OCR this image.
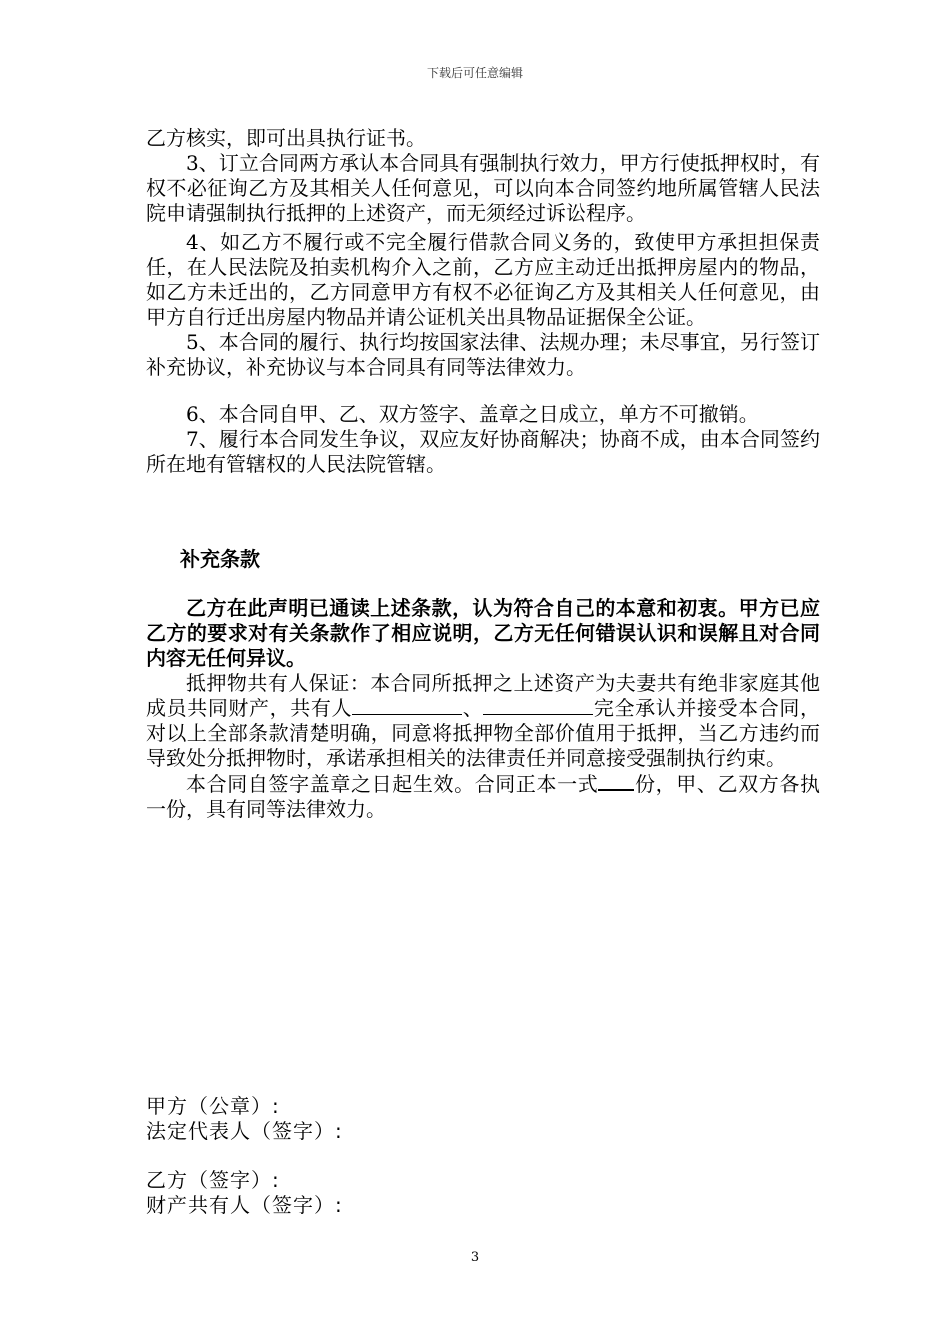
下载后可任意编辑

乙方核实，即可出具执行证书。

3、订立合同两方承认本合同具有强制执行效力，甲方行使抵押权时，有权不必征询乙方及其相关人任何意见，可以向本合同签约地所属管辖人民法院申请强制执行抵押的上述资产，而无须经过诉讼程序。

4、如乙方不履行或不完全履行借款合同义务的，致使甲方承担担保责任，在人民法院及拍卖机构介入之前，乙方应主动迁出抵押房屋内的物品，如乙方未迁出的，乙方同意甲方有权不必征询乙方及其相关人任何意见，由甲方自行迁出房屋内物品并请公证机关出具物品证据保全公证。

5、本合同的履行、执行均按国家法律、法规办理；未尽事宜，另行签订补充协议，补充协议与本合同具有同等法律效力。

6、本合同自甲、乙、双方签字、盖章之日成立，单方不可撤销。

7、履行本合同发生争议，双应友好协商解决；协商不成，由本合同签约所在地有管辖权的人民法院管辖。

补充条款

乙方在此声明已通读上述条款，认为符合自己的本意和初衷。甲方已应乙方的要求对有关条款作了相应说明，乙方无任何错误认识和误解且对合同内容无任何异议。

抵押物共有人保证：本合同所抵押之上述资产为夫妻共有绝非家庭其他成员共同财产，共有人	、	完全承认并接受本合同，对以上全部条款清楚明确，同意将抵押物全部价值用于抵押，当乙方违约而导致处分抵押物时，承诺承担相关的法律责任并同意接受强制执行约束。

本合同自签字盖章之日起生效。合同正本一式 份，甲、乙双方各执一份，具有同等法律效力。

甲方（公章）:
法定代表人（签字）:
乙方（签字）:
财产共有人（签字）:
3
